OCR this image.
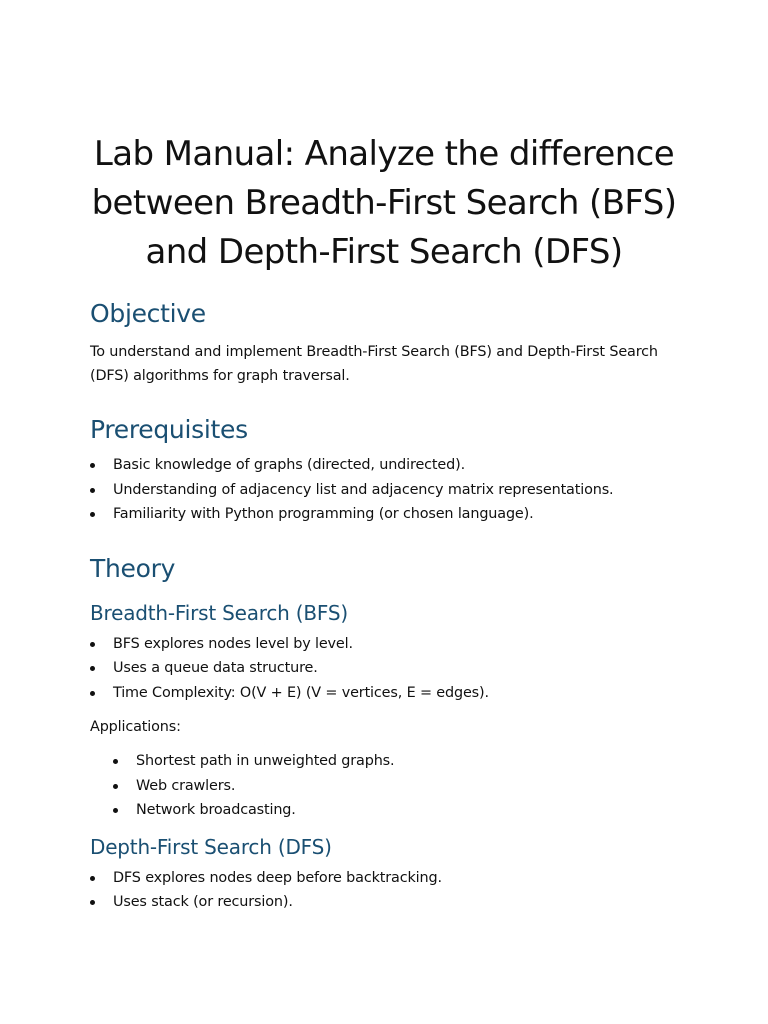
Lab Manual: Analyze the difference between Breadth-First Search (BFS) and Depth-First Search (DFS)
Objective

To understand and implement Breadth-First Search (BFS) and Depth-First Search (DFS) algorithms for graph traversal.

Prerequisites
Basic knowledge of graphs (directed, undirected).
Understanding of adjacency list and adjacency matrix representations.
Familiarity with Python programming (or chosen language).
Theory
Breadth-First Search (BFS)
BFS explores nodes level by level.
Uses a queue data structure.
Time Complexity: O(V + E) (V = vertices, E = edges).

Applications:

Shortest path in unweighted graphs.
Web crawlers.
Network broadcasting.
Depth-First Search (DFS)
DFS explores nodes deep before backtracking.
Uses stack (or recursion).
